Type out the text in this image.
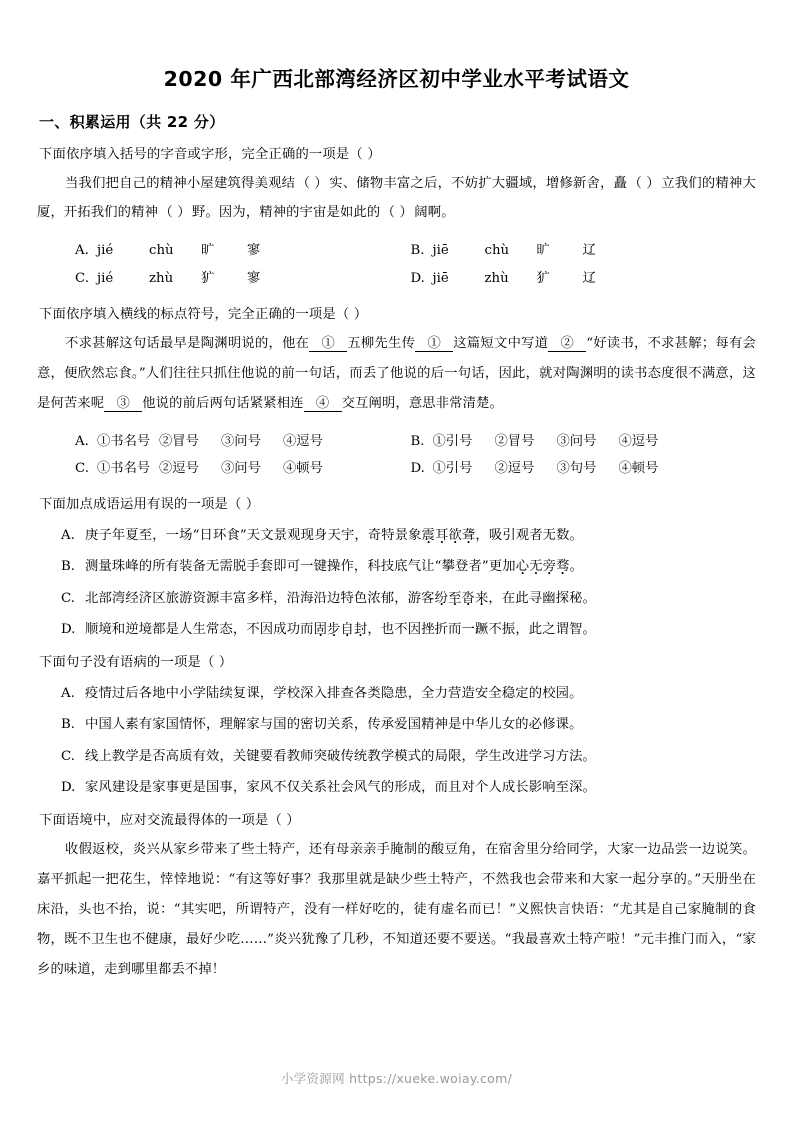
2020 年广西北部湾经济区初中学业水平考试语文
一、积累运用（共 22 分）
下面依序填入括号的字音或字形，完全正确的一项是（ ）
当我们把自己的精神小屋建筑得美观结（ ）实、储物丰富之后，不妨扩大疆域，增修新舍，矗（ ）立我们的精神大厦，开拓我们的精神（ ）野。因为，精神的宇宙是如此的（ ）阔啊。
A. jié	chù 旷 寥	B. jiē	chù 旷 辽
C. jié	zhù 犷 寥	D. jiē	zhù 犷 辽
下面依序填入横线的标点符号，完全正确的一项是（ ）
不求甚解这句话最早是陶渊明说的，他在 ① 五柳先生传 ① 这篇短文中写道 ② “好读书，不求甚解；每有会意，便欣然忘食。”人们往往只抓住他说的前一句话，而丢了他说的后一句话，因此，就对陶渊明的读书态度很不满意，这是何苦来呢 ③ 他说的前后两句话紧紧相连 ④ 交互阐明，意思非常清楚。
A. ①书名号 ②冒号 ③问号 ④逗号	B. ①引号 ②冒号 ③问号 ④逗号
C. ①书名号 ②逗号 ③问号 ④顿号	D. ①引号 ②逗号 ③句号 ④顿号
下面加点成语运用有误的一项是（ ）
A. 庚子年夏至，一场“日环食”天文景观现身天宇，奇特景象震耳欲聋，吸引观者无数。
B. 测量珠峰的所有装备无需脱手套即可一键操作，科技底气让“攀登者”更加心无旁骛。
C. 北部湾经济区旅游资源丰富多样，沿海沿边特色浓郁，游客纷至沓来，在此寻幽探秘。
D. 顺境和逆境都是人生常态，不因成功而固步自封，也不因挫折而一蹶不振，此之谓智。
下面句子没有语病的一项是（ ）
A. 疫情过后各地中小学陆续复课，学校深入排查各类隐患，全力营造安全稳定的校园。
B. 中国人素有家国情怀，理解家与国的密切关系，传承爱国精神是中华儿女的必修课。
C. 线上教学是否高质有效，关键要看教师突破传统教学模式的局限，学生改进学习方法。
D. 家风建设是家事更是国事，家风不仅关系社会风气的形成，而且对个人成长影响至深。
下面语境中，应对交流最得体的一项是（ ）
收假返校，炎兴从家乡带来了些土特产，还有母亲亲手腌制的酸豆角，在宿舍里分给同学，大家一边品尝一边说笑。嘉平抓起一把花生，悻悻地说：“有这等好事？我那里就是缺少些土特产，不然我也会带来和大家一起分享的。”天册坐在床沿，头也不抬，说：“其实吧，所谓特产，没有一样好吃的，徒有虚名而已！”义熙快言快语：“尤其是自己家腌制的食物，既不卫生也不健康，最好少吃……”炎兴犹豫了几秒，不知道还要不要送。“我最喜欢土特产啦！”元丰推门而入，“家乡的味道，走到哪里都丢不掉！
小学资源网 https://xueke.woiay.com/
